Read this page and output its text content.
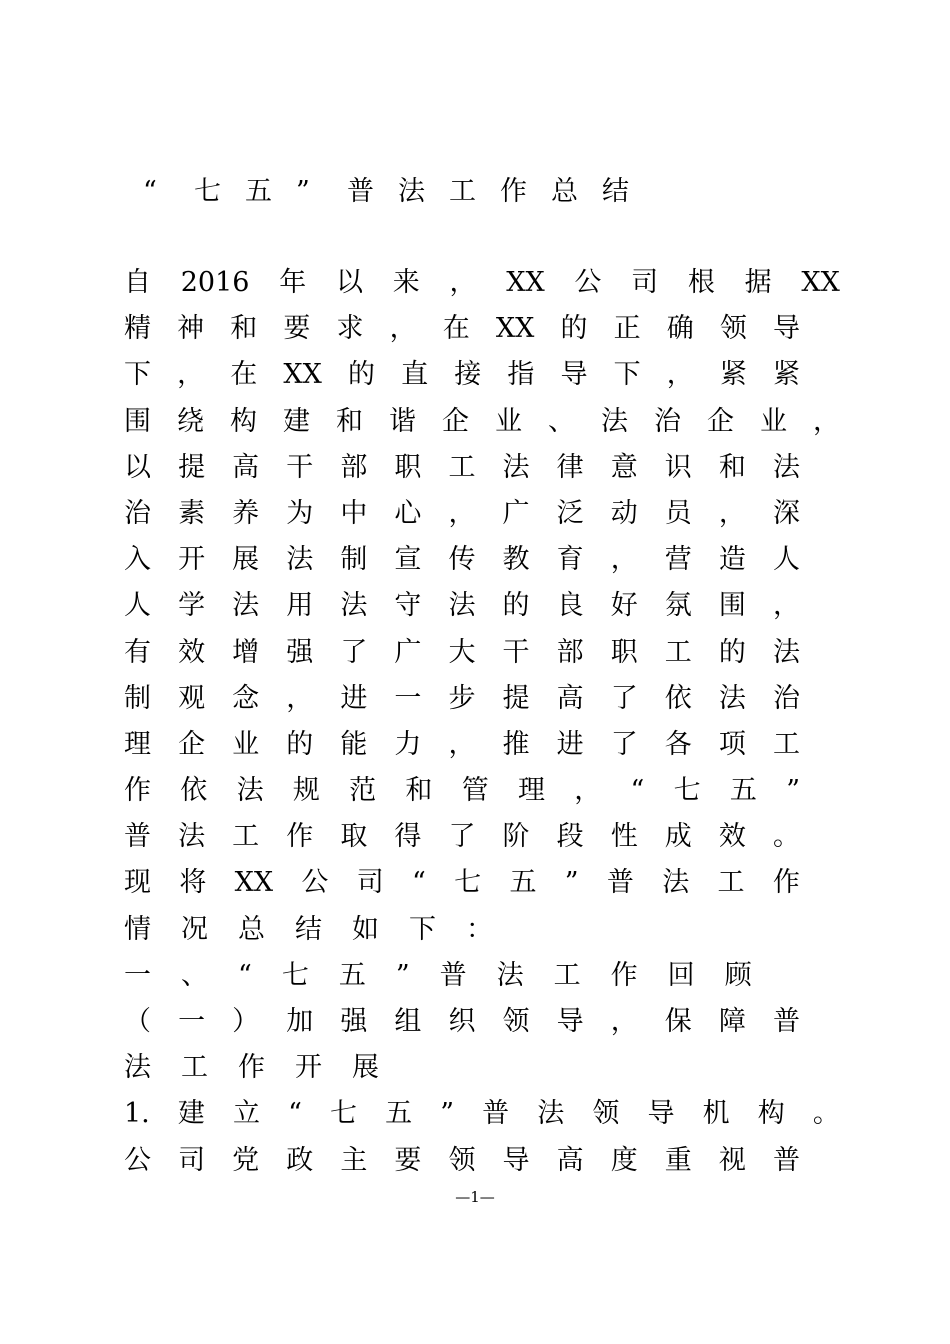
“ 七 五 ” 普 法 工 作 总 结
自 2016 年 以 来 ， XX 公 司 根 据 XX
精 神 和 要 求 ， 在 XX 的 正 确 领 导
下 ， 在 XX 的 直 接 指 导 下 ， 紧 紧
围 绕 构 建 和 谐 企 业 、 法 治 企 业 ，
以 提 高 干 部 职 工 法 律 意 识 和 法
治 素 养 为 中 心 ， 广 泛 动 员 ， 深
入 开 展 法 制 宣 传 教 育 ， 营 造 人
人 学 法 用 法 守 法 的 良 好 氛 围 ，
有 效 增 强 了 广 大 干 部 职 工 的 法
制 观 念 ， 进 一 步 提 高 了 依 法 治
理 企 业 的 能 力 ， 推 进 了 各 项 工
作 依 法 规 范 和 管 理 ， “ 七 五 ”
普 法 工 作 取 得 了 阶 段 性 成 效 。
现 将 XX 公 司 “ 七 五 ” 普 法 工 作
情 况 总 结 如 下 ：
一 、 “ 七 五 ” 普 法 工 作 回 顾
（ 一 ） 加 强 组 织 领 导 ， 保 障 普
法 工 作 开 展
1. 建 立 “ 七 五 ” 普 法 领 导 机 构 。
公 司 党 政 主 要 领 导 高 度 重 视 普
—1—
